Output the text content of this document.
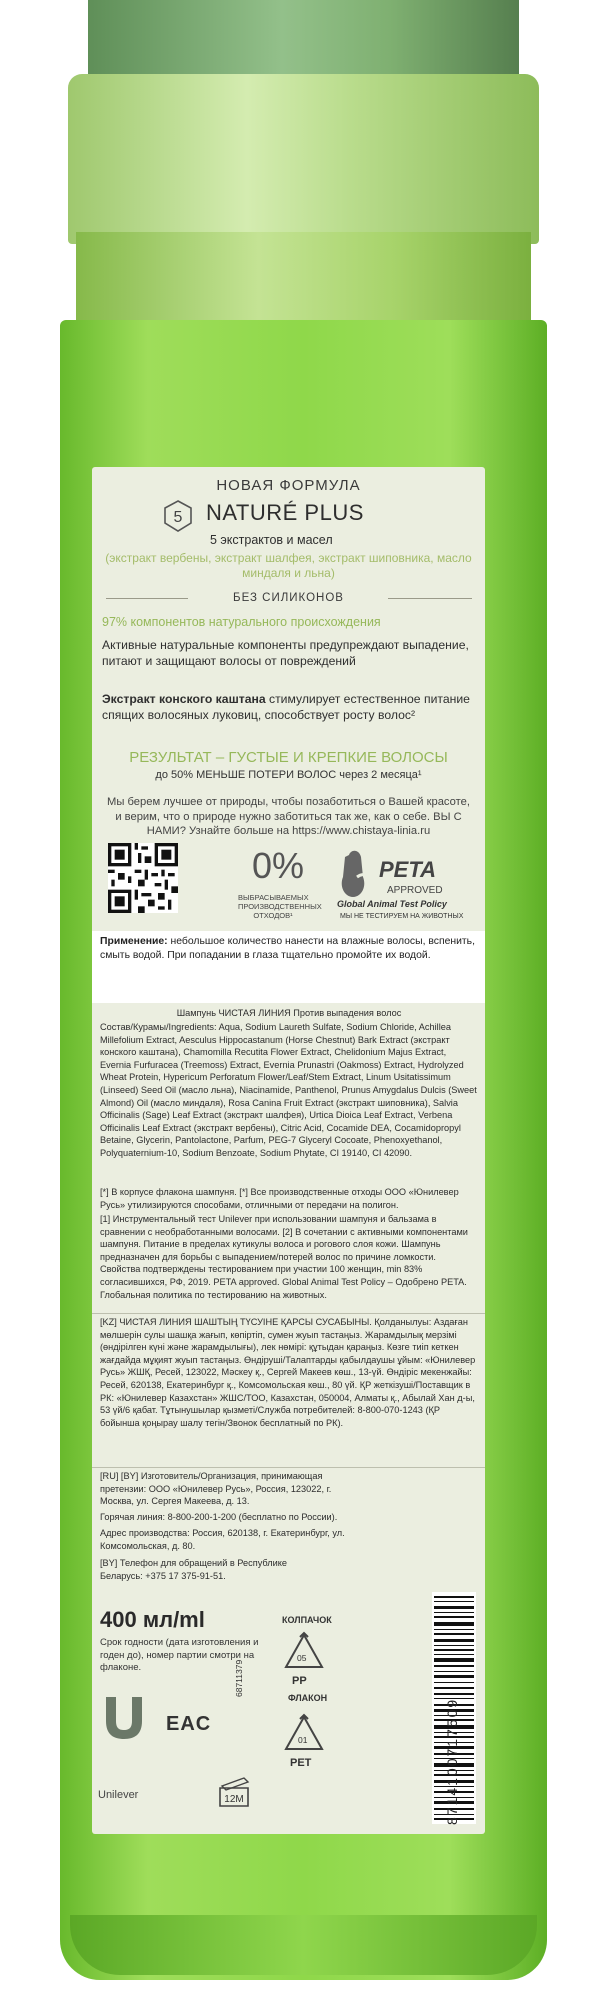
НОВАЯ ФОРМУЛА
5 NATURÉ PLUS
5 экстрактов и масел
(экстракт вербены, экстракт шалфея, экстракт шиповника, масло миндаля и льна)
БЕЗ СИЛИКОНОВ
97% компонентов натурального происхождения
Активные натуральные компоненты предупреждают выпадение, питают и защищают волосы от повреждений
Экстракт конского каштана стимулирует естественное питание спящих волосяных луковиц, способствует росту волос²
РЕЗУЛЬТАТ – ГУСТЫЕ И КРЕПКИЕ ВОЛОСЫ
до 50% МЕНЬШЕ ПОТЕРИ ВОЛОС через 2 месяца¹
Мы берем лучшее от природы, чтобы позаботиться о Вашей красоте, и верим, что о природе нужно заботиться так же, как о себе. ВЫ С НАМИ? Узнайте больше на https://www.chistaya-linia.ru
0%
ВЫБРАСЫВАЕМЫХ ПРОИЗВОДСТВЕННЫХ ОТХОДОВ¹
PETA
APPROVED
Global Animal Test Policy
МЫ НЕ ТЕСТИРУЕМ НА ЖИВОТНЫХ
Применение: небольшое количество нанести на влажные волосы, вспенить, смыть водой. При попадании в глаза тщательно промойте их водой.
Шампунь ЧИСТАЯ ЛИНИЯ Против выпадения волос
Состав/Курамы/Ingredients: Aqua, Sodium Laureth Sulfate, Sodium Chloride, Achillea Millefolium Extract, Aesculus Hippocastanum (Horse Chestnut) Bark Extract (экстракт конского каштана), Chamomilla Recutita Flower Extract, Chelidonium Majus Extract, Evernia Furfuracea (Treemoss) Extract, Evernia Prunastri (Oakmoss) Extract, Hydrolyzed Wheat Protein, Hypericum Perforatum Flower/Leaf/Stem Extract, Linum Usitatissimum (Linseed) Seed Oil (масло льна), Niacinamide, Panthenol, Prunus Amygdalus Dulcis (Sweet Almond) Oil (масло миндаля), Rosa Canina Fruit Extract (экстракт шиповника), Salvia Officinalis (Sage) Leaf Extract (экстракт шалфея), Urtica Dioica Leaf Extract, Verbena Officinalis Leaf Extract (экстракт вербены), Citric Acid, Cocamide DEA, Cocamidopropyl Betaine, Glycerin, Pantolactone, Parfum, PEG-7 Glyceryl Cocoate, Phenoxyethanol, Polyquaternium-10, Sodium Benzoate, Sodium Phytate, CI 19140, CI 42090.
[*] В корпусе флакона шампуня. [*] Все производственные отходы ООО «Юнилевер Русь» утилизируются способами, отличными от передачи на полигон.
[1] Инструментальный тест Unilever при использовании шампуня и бальзама в сравнении с необработанными волосами. [2] В сочетании с активными компонентами шампуня. Питание в пределах кутикулы волоса и рогового слоя кожи. Шампунь предназначен для борьбы с выпадением/потерей волос по причине ломкости. Свойства подтверждены тестированием при участии 100 женщин, min 83% согласившихся, РФ, 2019. PETA approved. Global Animal Test Policy – Одобрено PETA. Глобальная политика по тестированию на животных.
[KZ] ЧИСТАЯ ЛИНИЯ ШАШТЫҢ ТҮСУІНЕ ҚАРСЫ СУСАБЫНЫ. Қолданылуы: Аздаған мөлшерін сулы шашқа жағып, көпіртіп, сумен жуып тастаңыз. Жарамдылық мерзімі (өндірілген күні және жарамдылығы), лек нөмірі: құтыдан қараңыз. Көзге тиіп кеткен жағдайда мұқият жуып тастаңыз. Өндіруші/Талаптарды қабылдаушы ұйым: «Юнилевер Русь» ЖШҚ, Ресей, 123022, Мәскеу қ., Сергей Макеев көш., 13-үй. Өндіріс мекенжайы: Ресей, 620138, Екатеринбург қ., Комсомольская көш., 80 үй. ҚР жеткізуші/Поставщик в РК: «Юнилевер Казахстан» ЖШС/ТОО, Казахстан, 050004, Алматы қ., Абылай Хан д-ы, 53 үй/6 қабат. Тұтынушылар қызметі/Служба потребителей: 8-800-070-1243 (ҚР бойынша қоңырау шалу тегін/Звонок бесплатный по РК).
[RU] [BY] Изготовитель/Организация, принимающая претензии: ООО «Юнилевер Русь», Россия, 123022, г. Москва, ул. Сергея Макеева, д. 13.
Горячая линия: 8-800-200-1-200 (бесплатно по России).
Адрес производства: Россия, 620138, г. Екатеринбург, ул. Комсомольская, д. 80.
[BY] Телефон для обращений в Республике Беларусь: +375 17 375-91-51.
400 мл/ml
Срок годности (дата изготовления и годен до), номер партии смотри на флаконе.
Unilever
68711379
EAC
12M
КОЛПАЧОК
05
PP
ФЛАКОН
01
PET	8714100717509
